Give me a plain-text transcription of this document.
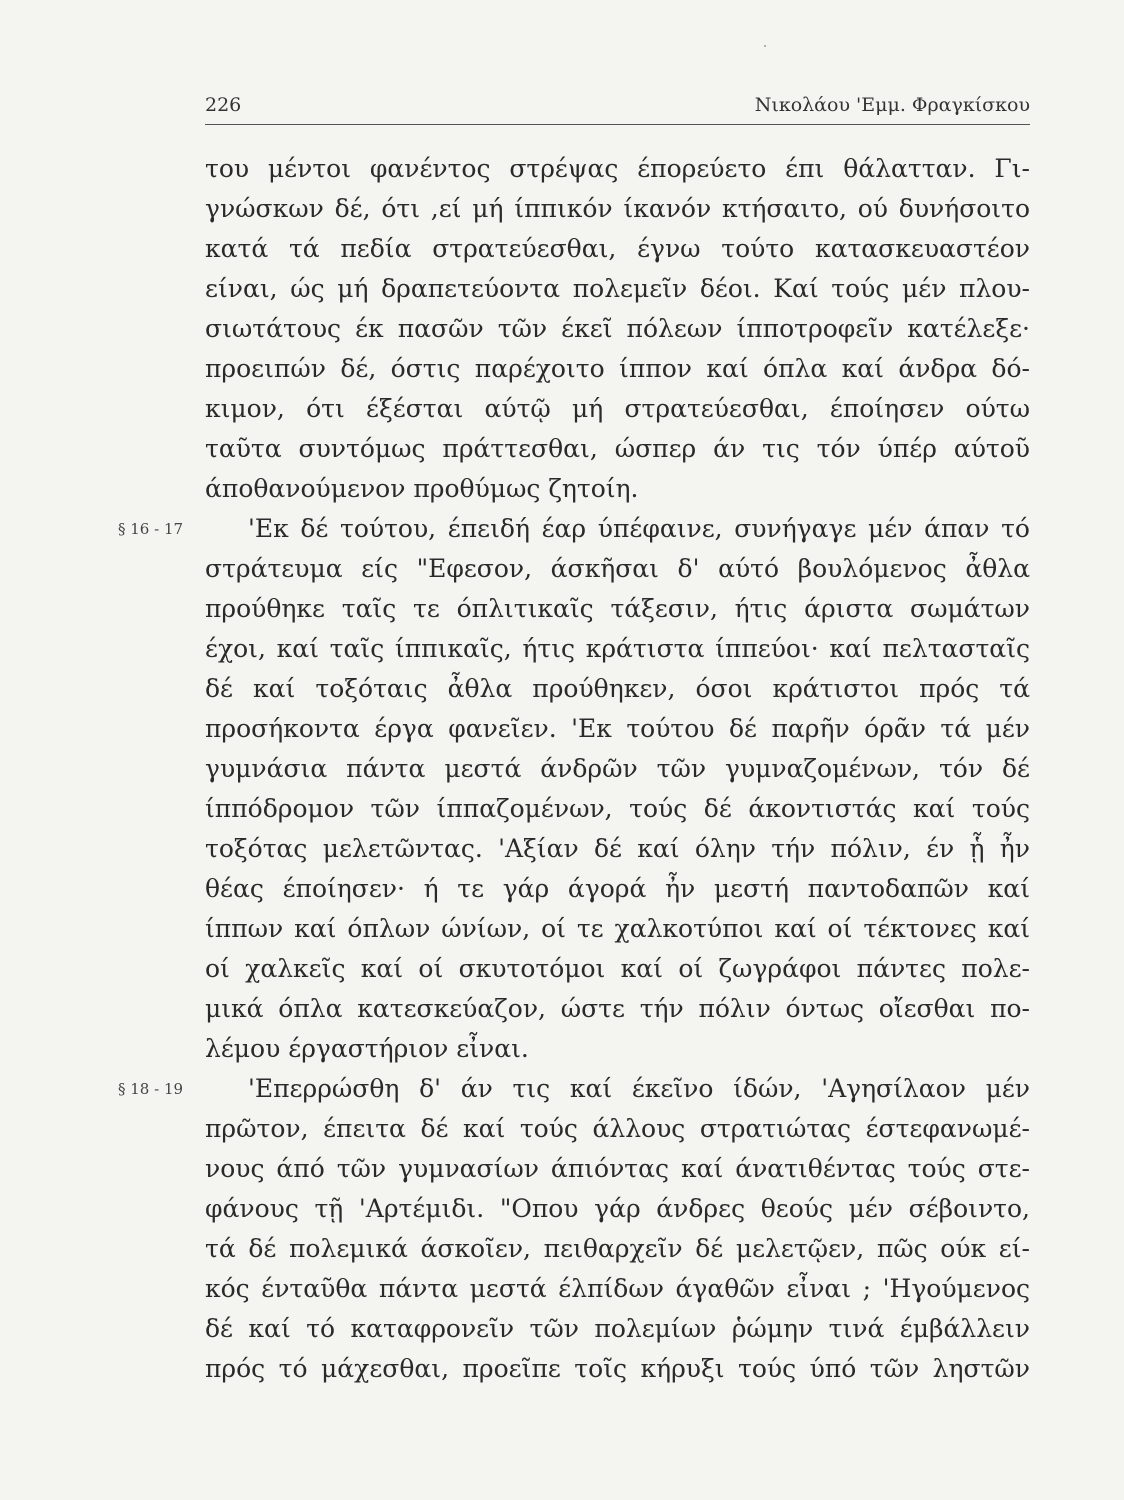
226	Νικολάου 'Εμμ. Φραγκίσκου
του μέντοι φανέντος στρέψας έπορεύετο έπι θάλατταν. Γι-
γνώσκων δέ, ότι ,εί μή ίππικόν ίκανόν κτήσαιτο, ού δυνήσοιτο
κατά τά πεδία στρατεύεσθαι, έγνω τούτο κατασκευαστέον
είναι, ώς μή δραπετεύοντα πολεμεῖν δέοι. Καί τούς μέν πλου-
σιωτάτους έκ πασῶν τῶν έκεῖ πόλεων ίπποτροφεῖν κατέλεξε·
προειπών δέ, όστις παρέχοιτο ίππον καί όπλα καί άνδρα δό-
κιμον, ότι έξέσται αύτῷ μή στρατεύεσθαι, έποίησεν ούτω
ταῦτα συντόμως πράττεσθαι, ώσπερ άν τις τόν ύπέρ αύτοῦ
άποθανούμενον προθύμως ζητοίη.
§ 16 - 17	'Εκ δέ τούτου, έπειδή έαρ ύπέφαινε, συνήγαγε μέν άπαν τό
στράτευμα είς "Εφεσον, άσκῆσαι δ' αύτό βουλόμενος ἆθλα
προύθηκε ταῖς τε όπλιτικαῖς τάξεσιν, ήτις άριστα σωμάτων
έχοι, καί ταῖς ίππικαῖς, ήτις κράτιστα ίππεύοι· καί πελτασταῖς
δέ καί τοξόταις ἆθλα προύθηκεν, όσοι κράτιστοι πρός τά
προσήκοντα έργα φανεῖεν. 'Εκ τούτου δέ παρῆν όρᾶν τά μέν
γυμνάσια πάντα μεστά άνδρῶν τῶν γυμναζομένων, τόν δέ
ίππόδρομον τῶν ίππαζομένων, τούς δέ άκοντιστάς καί τούς
τοξότας μελετῶντας. 'Αξίαν δέ καί όλην τήν πόλιν, έν ᾗ ἦν
θέας έποίησεν· ή τε γάρ άγορά ἦν μεστή παντοδαπῶν καί
ίππων καί όπλων ώνίων, οί τε χαλκοτύποι καί οί τέκτονες καί
οί χαλκεῖς καί οί σκυτοτόμοι καί οί ζωγράφοι πάντες πολε-
μικά όπλα κατεσκεύαζον, ώστε τήν πόλιν όντως οἴεσθαι πο-
λέμου έργαστήριον εἶναι.
§ 18 - 19	'Επερρώσθη δ' άν τις καί έκεῖνο ίδών, 'Αγησίλαον μέν
πρῶτον, έπειτα δέ καί τούς άλλους στρατιώτας έστεφανωμέ-
νους άπό τῶν γυμνασίων άπιόντας καί άνατιθέντας τούς στε-
φάνους τῇ 'Αρτέμιδι. "Οπου γάρ άνδρες θεούς μέν σέβοιντο,
τά δέ πολεμικά άσκοῖεν, πειθαρχεῖν δέ μελετῷεν, πῶς ούκ εί-
κός ένταῦθα πάντα μεστά έλπίδων άγαθῶν εἶναι ; 'Ηγούμενος
δέ καί τό καταφρονεῖν τῶν πολεμίων ῥώμην τινά έμβάλλειν
πρός τό μάχεσθαι, προεῖπε τοῖς κήρυξι τούς ύπό τῶν ληστῶν
